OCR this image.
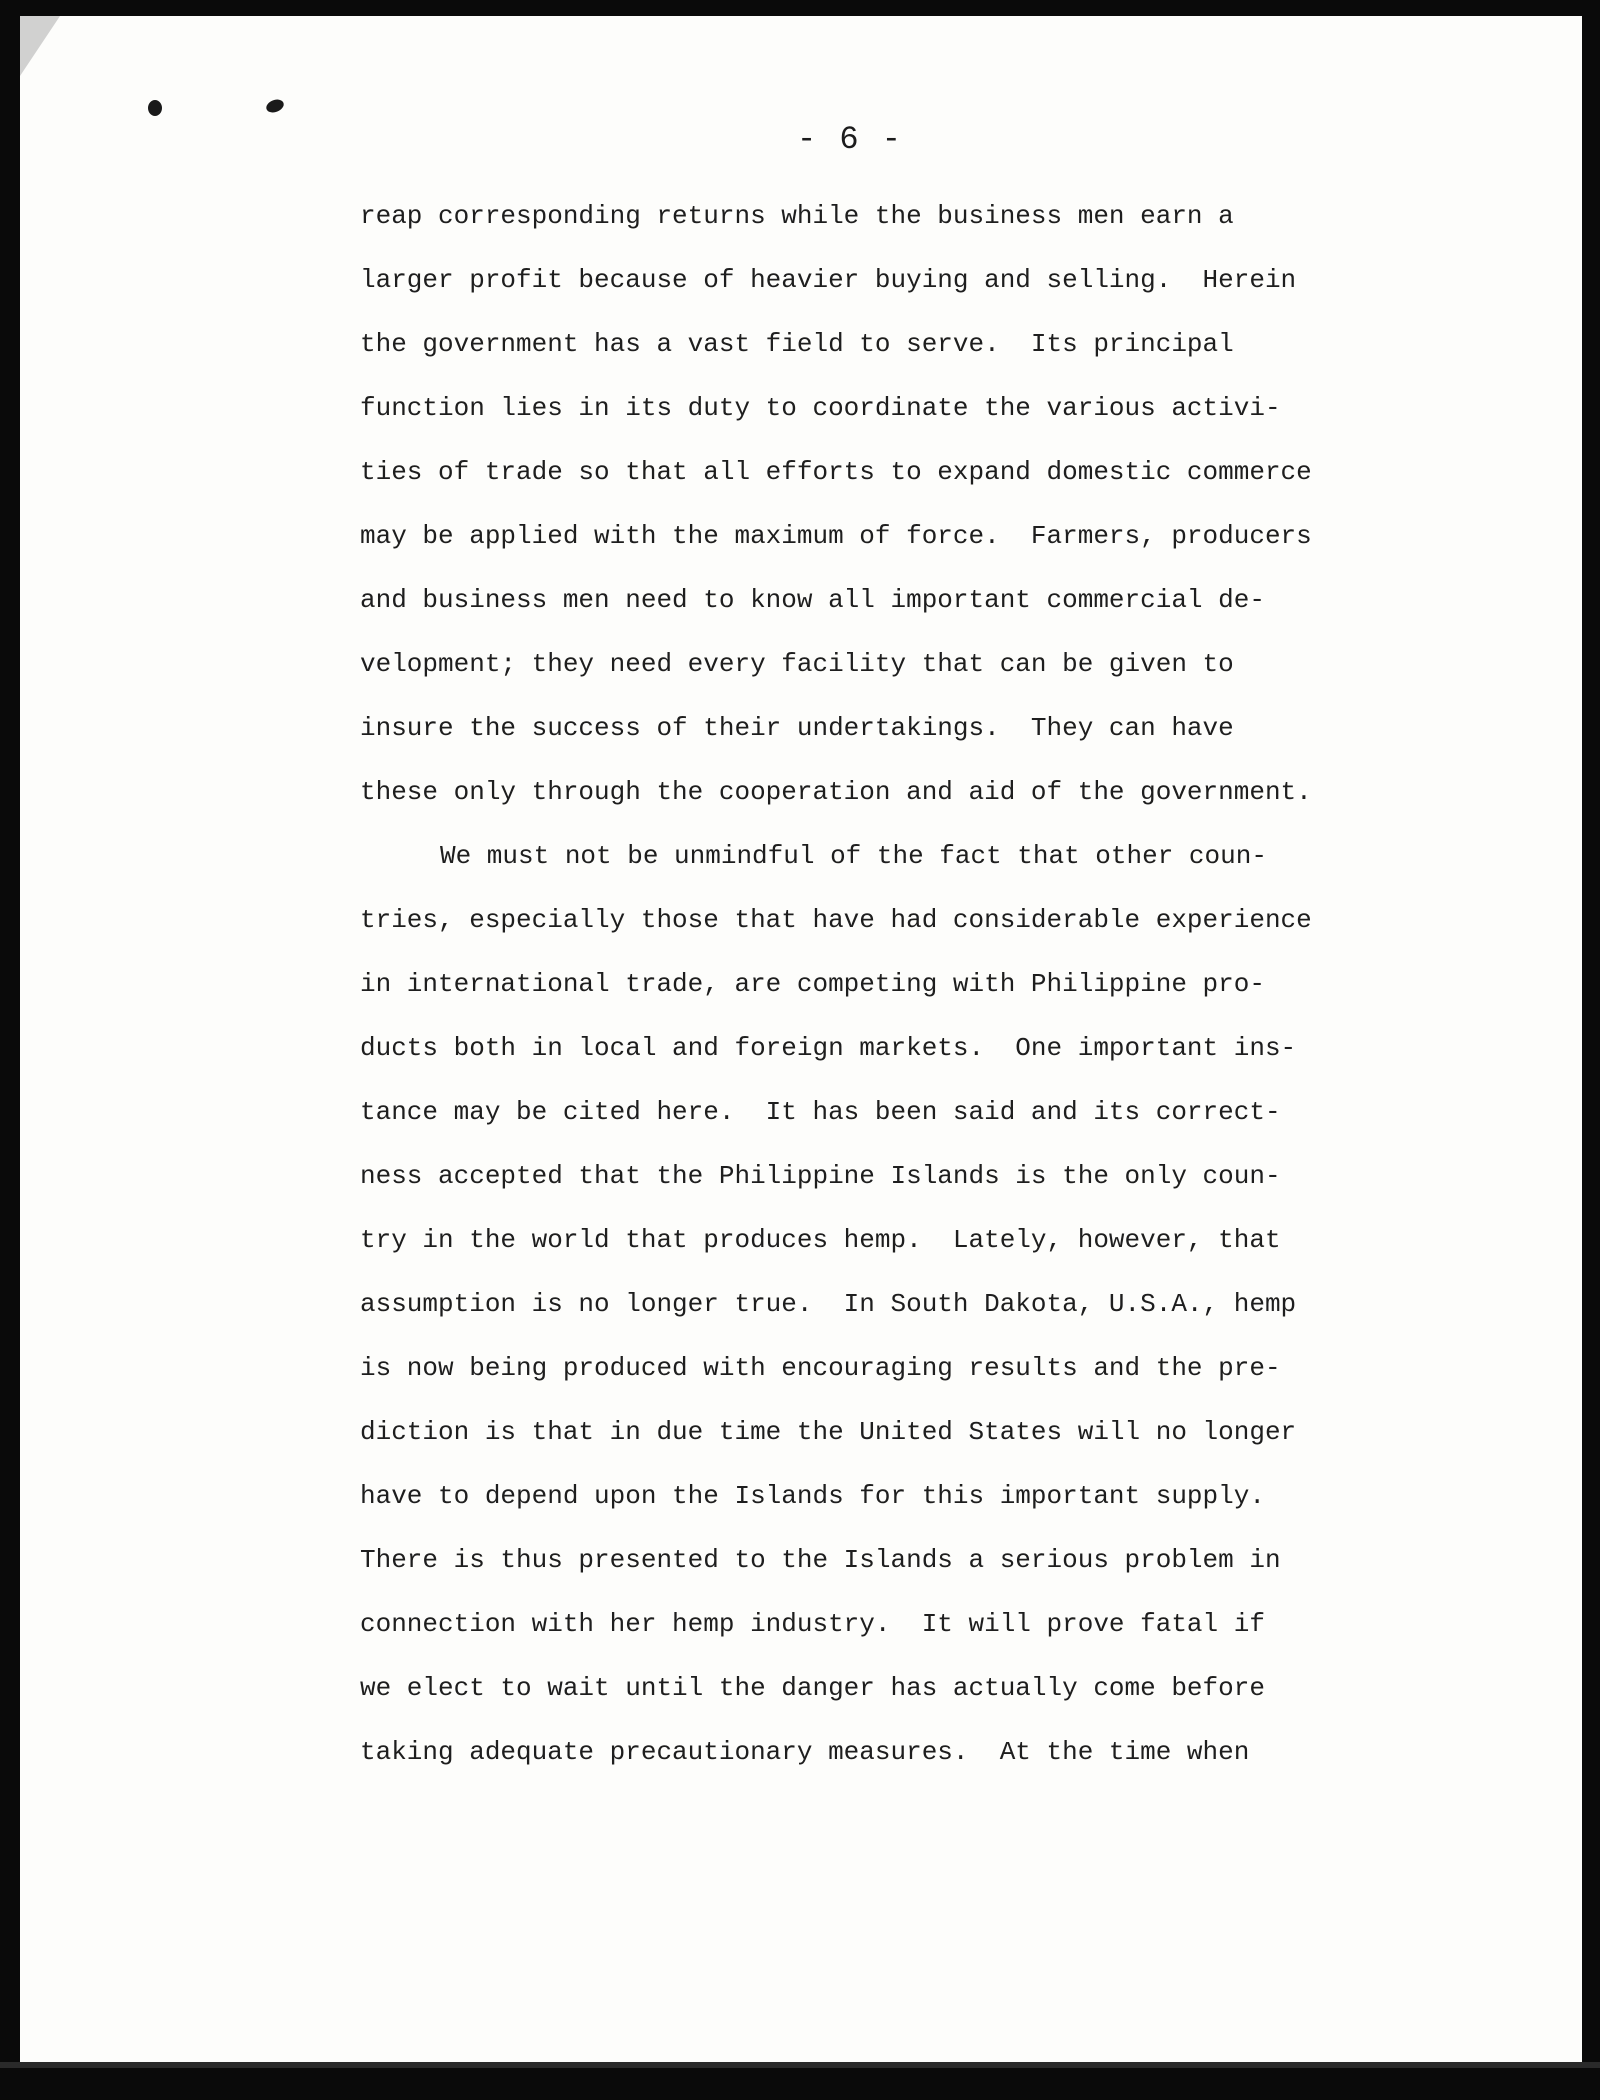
- 6 -
reap corresponding returns while the business men earn a
larger profit because of heavier buying and selling.  Herein
the government has a vast field to serve.  Its principal
function lies in its duty to coordinate the various activi-
ties of trade so that all efforts to expand domestic commerce
may be applied with the maximum of force.  Farmers, producers
and business men need to know all important commercial de-
velopment; they need every facility that can be given to
insure the success of their undertakings.  They can have
these only through the cooperation and aid of the government.
We must not be unmindful of the fact that other coun-
tries, especially those that have had considerable experience
in international trade, are competing with Philippine pro-
ducts both in local and foreign markets.  One important ins-
tance may be cited here.  It has been said and its correct-
ness accepted that the Philippine Islands is the only coun-
try in the world that produces hemp.  Lately, however, that
assumption is no longer true.  In South Dakota, U.S.A., hemp
is now being produced with encouraging results and the pre-
diction is that in due time the United States will no longer
have to depend upon the Islands for this important supply.
There is thus presented to the Islands a serious problem in
connection with her hemp industry.  It will prove fatal if
we elect to wait until the danger has actually come before
taking adequate precautionary measures.  At the time when
